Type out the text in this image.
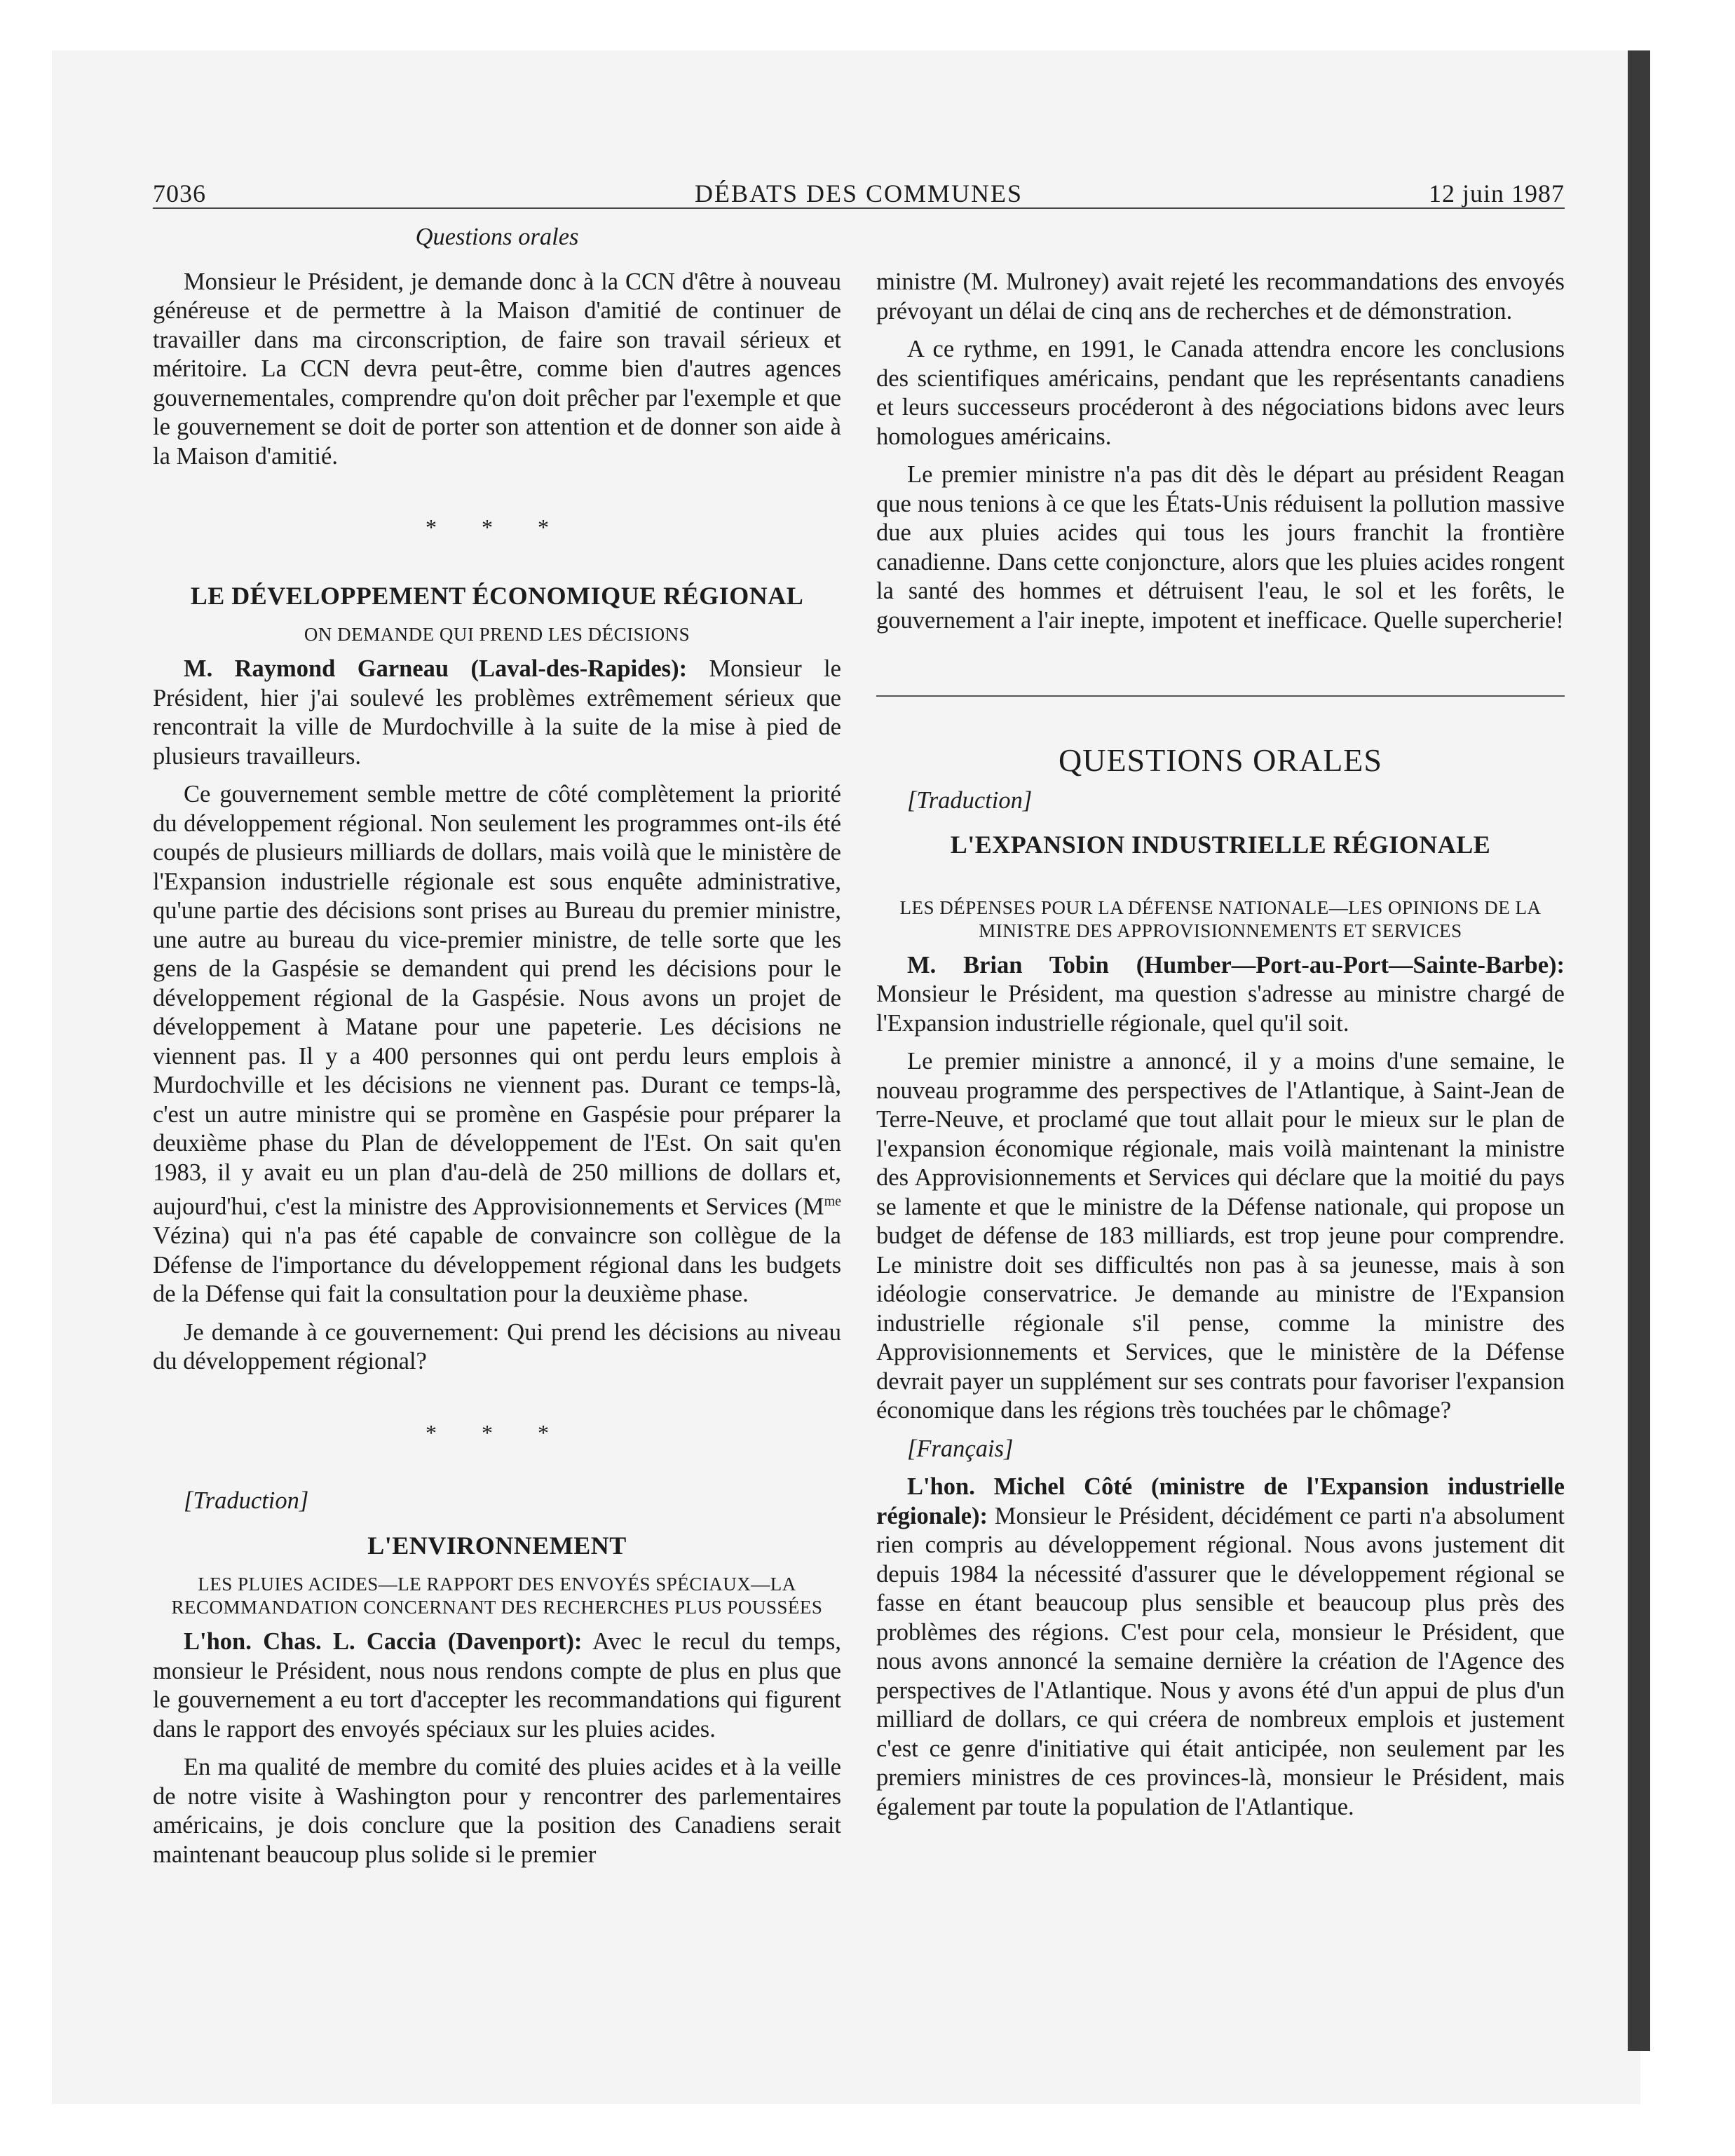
7036	DÉBATS DES COMMUNES	12 juin 1987
Questions orales

Monsieur le Président, je demande donc à la CCN d'être à nouveau généreuse et de permettre à la Maison d'amitié de continuer de travailler dans ma circonscription, de faire son travail sérieux et méritoire. La CCN devra peut-être, comme bien d'autres agences gouvernementales, comprendre qu'on doit prêcher par l'exemple et que le gouvernement se doit de porter son attention et de donner son aide à la Maison d'amitié.

* * *
LE DÉVELOPPEMENT ÉCONOMIQUE RÉGIONAL
ON DEMANDE QUI PREND LES DÉCISIONS

M. Raymond Garneau (Laval-des-Rapides): Monsieur le Président, hier j'ai soulevé les problèmes extrêmement sérieux que rencontrait la ville de Murdochville à la suite de la mise à pied de plusieurs travailleurs.

Ce gouvernement semble mettre de côté complètement la priorité du développement régional. Non seulement les programmes ont-ils été coupés de plusieurs milliards de dollars, mais voilà que le ministère de l'Expansion industrielle régionale est sous enquête administrative, qu'une partie des décisions sont prises au Bureau du premier ministre, une autre au bureau du vice-premier ministre, de telle sorte que les gens de la Gaspésie se demandent qui prend les décisions pour le développement régional de la Gaspésie. Nous avons un projet de développement à Matane pour une papeterie. Les décisions ne viennent pas. Il y a 400 personnes qui ont perdu leurs emplois à Murdochville et les décisions ne viennent pas. Durant ce temps-là, c'est un autre ministre qui se promène en Gaspésie pour préparer la deuxième phase du Plan de développement de l'Est. On sait qu'en 1983, il y avait eu un plan d'au-delà de 250 millions de dollars et, aujourd'hui, c'est la ministre des Approvisionnements et Services ($M^{me}$ Vézina) qui n'a pas été capable de convaincre son collègue de la Défense de l'importance du développement régional dans les budgets de la Défense qui fait la consultation pour la deuxième phase.

Je demande à ce gouvernement: Qui prend les décisions au niveau du développement régional?

* * *

[Traduction]

L'ENVIRONNEMENT
LES PLUIES ACIDES—LE RAPPORT DES ENVOYÉS SPÉCIAUX—LA RECOMMANDATION CONCERNANT DES RECHERCHES PLUS POUSSÉES

L'hon. Chas. L. Caccia (Davenport): Avec le recul du temps, monsieur le Président, nous nous rendons compte de plus en plus que le gouvernement a eu tort d'accepter les recommandations qui figurent dans le rapport des envoyés spéciaux sur les pluies acides.

En ma qualité de membre du comité des pluies acides et à la veille de notre visite à Washington pour y rencontrer des parlementaires américains, je dois conclure que la position des Canadiens serait maintenant beaucoup plus solide si le premier

ministre (M. Mulroney) avait rejeté les recommandations des envoyés prévoyant un délai de cinq ans de recherches et de démonstration.

A ce rythme, en 1991, le Canada attendra encore les conclusions des scientifiques américains, pendant que les représentants canadiens et leurs successeurs procéderont à des négociations bidons avec leurs homologues américains.

Le premier ministre n'a pas dit dès le départ au président Reagan que nous tenions à ce que les États-Unis réduisent la pollution massive due aux pluies acides qui tous les jours franchit la frontière canadienne. Dans cette conjoncture, alors que les pluies acides rongent la santé des hommes et détruisent l'eau, le sol et les forêts, le gouvernement a l'air inepte, impotent et inefficace. Quelle supercherie!

QUESTIONS ORALES

[Traduction]

L'EXPANSION INDUSTRIELLE RÉGIONALE
LES DÉPENSES POUR LA DÉFENSE NATIONALE—LES OPINIONS DE LA MINISTRE DES APPROVISIONNEMENTS ET SERVICES

M. Brian Tobin (Humber—Port-au-Port—Sainte-Barbe): Monsieur le Président, ma question s'adresse au ministre chargé de l'Expansion industrielle régionale, quel qu'il soit.

Le premier ministre a annoncé, il y a moins d'une semaine, le nouveau programme des perspectives de l'Atlantique, à Saint-Jean de Terre-Neuve, et proclamé que tout allait pour le mieux sur le plan de l'expansion économique régionale, mais voilà maintenant la ministre des Approvisionnements et Services qui déclare que la moitié du pays se lamente et que le ministre de la Défense nationale, qui propose un budget de défense de 183 milliards, est trop jeune pour comprendre. Le ministre doit ses difficultés non pas à sa jeunesse, mais à son idéologie conservatrice. Je demande au ministre de l'Expansion industrielle régionale s'il pense, comme la ministre des Approvisionnements et Services, que le ministère de la Défense devrait payer un supplément sur ses contrats pour favoriser l'expansion économique dans les régions très touchées par le chômage?

[Français]

L'hon. Michel Côté (ministre de l'Expansion industrielle régionale): Monsieur le Président, décidément ce parti n'a absolument rien compris au développement régional. Nous avons justement dit depuis 1984 la nécessité d'assurer que le développement régional se fasse en étant beaucoup plus sensible et beaucoup plus près des problèmes des régions. C'est pour cela, monsieur le Président, que nous avons annoncé la semaine dernière la création de l'Agence des perspectives de l'Atlantique. Nous y avons été d'un appui de plus d'un milliard de dollars, ce qui créera de nombreux emplois et justement c'est ce genre d'initiative qui était anticipée, non seulement par les premiers ministres de ces provinces-là, monsieur le Président, mais également par toute la population de l'Atlantique.
